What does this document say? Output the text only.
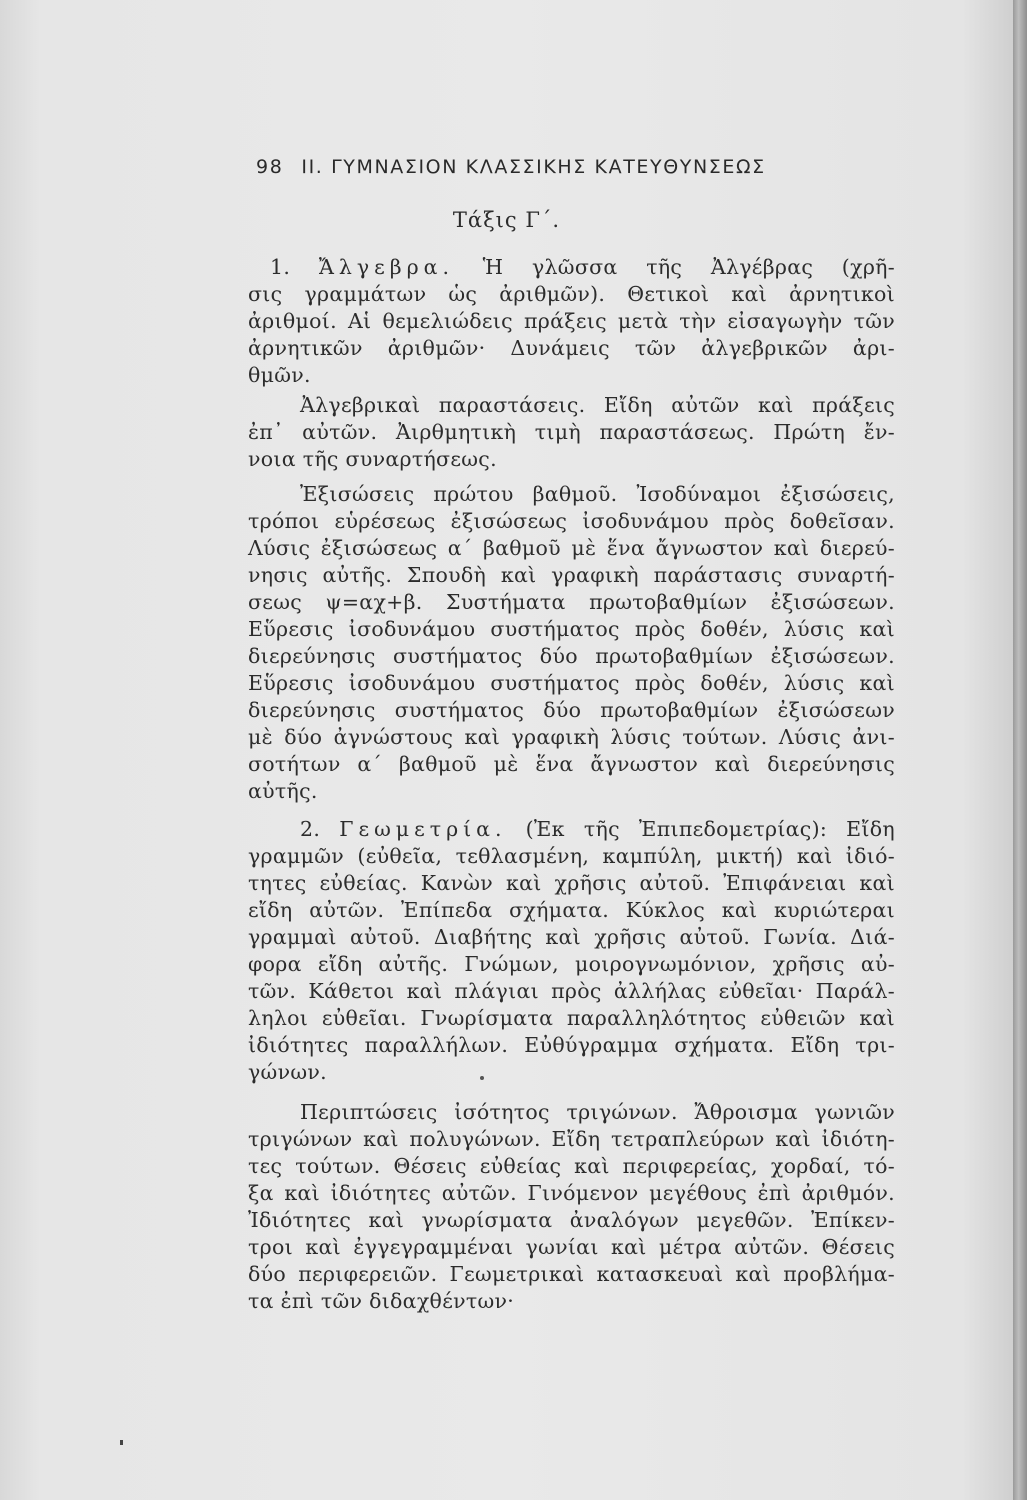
98 ΙΙ. ΓΥΜΝΑΣΙΟΝ ΚΛΑΣΣΙΚΗΣ ΚΑΤΕΥΘΥΝΣΕΩΣ
Τάξις Γ΄.
1. Ἄλγεβρα. Ἡ γλῶσσα τῆς Ἀλγέβρας (χρῆ-
σις γραμμάτων ὡς ἀριθμῶν). Θετικοὶ καὶ ἀρνητικοὶ
ἀριθμοί. Αἱ θεμελιώδεις πράξεις μετὰ τὴν εἰσαγωγὴν τῶν
ἀρνητικῶν ἀριθμῶν· Δυνάμεις τῶν ἀλγεβρικῶν ἀρι-
θμῶν.
Ἀλγεβρικαὶ παραστάσεις. Εἴδη αὐτῶν καὶ πράξεις
ἐπ᾽ αὐτῶν. Ἀιρθμητικὴ τιμὴ παραστάσεως. Πρώτη ἔν-
νοια τῆς συναρτήσεως.
Ἐξισώσεις πρώτου βαθμοῦ. Ἰσοδύναμοι ἐξισώσεις,
τρόποι εὑρέσεως ἐξισώσεως ἰσοδυνάμου πρὸς δοθεῖσαν.
Λύσις ἐξισώσεως α΄ βαθμοῦ μὲ ἕνα ἄγνωστον καὶ διερεύ-
νησις αὐτῆς. Σπουδὴ καὶ γραφικὴ παράστασις συναρτή-
σεως ψ=αχ+β. Συστήματα πρωτοβαθμίων ἐξισώσεων.
Εὕρεσις ἰσοδυνάμου συστήματος πρὸς δοθέν, λύσις καὶ
διερεύνησις συστήματος δύο πρωτοβαθμίων ἐξισώσεων.
Εὕρεσις ἰσοδυνάμου συστήματος πρὸς δοθέν, λύσις καὶ
διερεύνησις συστήματος δύο πρωτοβαθμίων ἐξισώσεων
μὲ δύο ἀγνώστους καὶ γραφικὴ λύσις τούτων. Λύσις ἀνι-
σοτήτων α΄ βαθμοῦ μὲ ἕνα ἄγνωστον καὶ διερεύνησις
αὐτῆς.
2. Γεωμετρία. (Ἐκ τῆς Ἐπιπεδομετρίας): Εἴδη
γραμμῶν (εὐθεῖα, τεθλασμένη, καμπύλη, μικτή) καὶ ἰδιό-
τητες εὐθείας. Κανὼν καὶ χρῆσις αὐτοῦ. Ἐπιφάνειαι καὶ
εἴδη αὐτῶν. Ἐπίπεδα σχήματα. Κύκλος καὶ κυριώτεραι
γραμμαὶ αὐτοῦ. Διαβήτης καὶ χρῆσις αὐτοῦ. Γωνία. Διά-
φορα εἴδη αὐτῆς. Γνώμων, μοιρογνωμόνιον, χρῆσις αὐ-
τῶν. Κάθετοι καὶ πλάγιαι πρὸς ἀλλήλας εὐθεῖαι· Παράλ-
ληλοι εὐθεῖαι. Γνωρίσματα παραλληλότητος εὐθειῶν καὶ
ἰδιότητες παραλλήλων. Εὐθύγραμμα σχήματα. Εἴδη τρι-
γώνων.
Περιπτώσεις ἰσότητος τριγώνων. Ἄθροισμα γωνιῶν
τριγώνων καὶ πολυγώνων. Εἴδη τετραπλεύρων καὶ ἰδιότη-
τες τούτων. Θέσεις εὐθείας καὶ περιφερείας, χορδαί, τό-
ξα καὶ ἰδιότητες αὐτῶν. Γινόμενον μεγέθους ἐπὶ ἀριθμόν.
Ἰδιότητες καὶ γνωρίσματα ἀναλόγων μεγεθῶν. Ἐπίκεν-
τροι καὶ ἐγγεγραμμέναι γωνίαι καὶ μέτρα αὐτῶν. Θέσεις
δύο περιφερειῶν. Γεωμετρικαὶ κατασκευαὶ καὶ προβλήμα-
τα ἐπὶ τῶν διδαχθέντων·
